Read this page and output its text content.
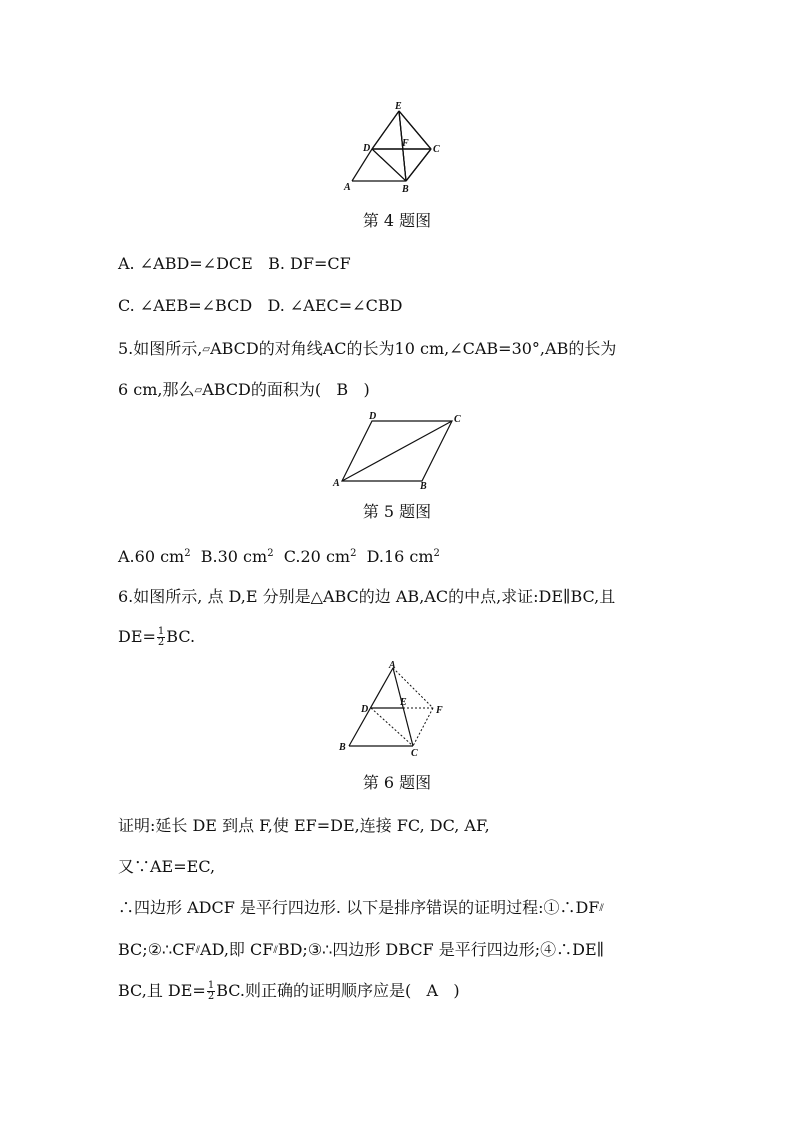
E
D	F
C
A	B
第 4 题图
A. ∠ABD=∠DCE B. DF=CF
C. ∠AEB=∠BCD D. ∠AEC=∠CBD
5.如图所示,▱ABCD的对角线AC的长为10 cm,∠CAB=30°,AB的长为
6 cm,那么▱ABCD的面积为( B )
D	C
A	B
第 5 题图
A.60 $cm^2$ B.30 $cm^2$ C.20 $cm^2$ D.16 $cm^2$
6.如图所示, 点 D,E 分别是△ABC的边 AB,AC的中点,求证:DE∥BC,且
$DE= \frac{1}{2}$ BC.
A
D
E
F
B
C
第 6 题图
证明:延长 DE 到点 F,使 EF=DE,连接 FC, DC, AF,
又∵AE=EC,
∴四边形 ADCF 是平行四边形. 以下是排序错误的证明过程:①∴DF⫽
BC;②∴CF⫽AD,即 CF⫽BD;③∴四边形 DBCF 是平行四边形;④∴DE∥
BC,且 $DE= \frac{1}{2}$ BC.则正确的证明顺序应是( A )
